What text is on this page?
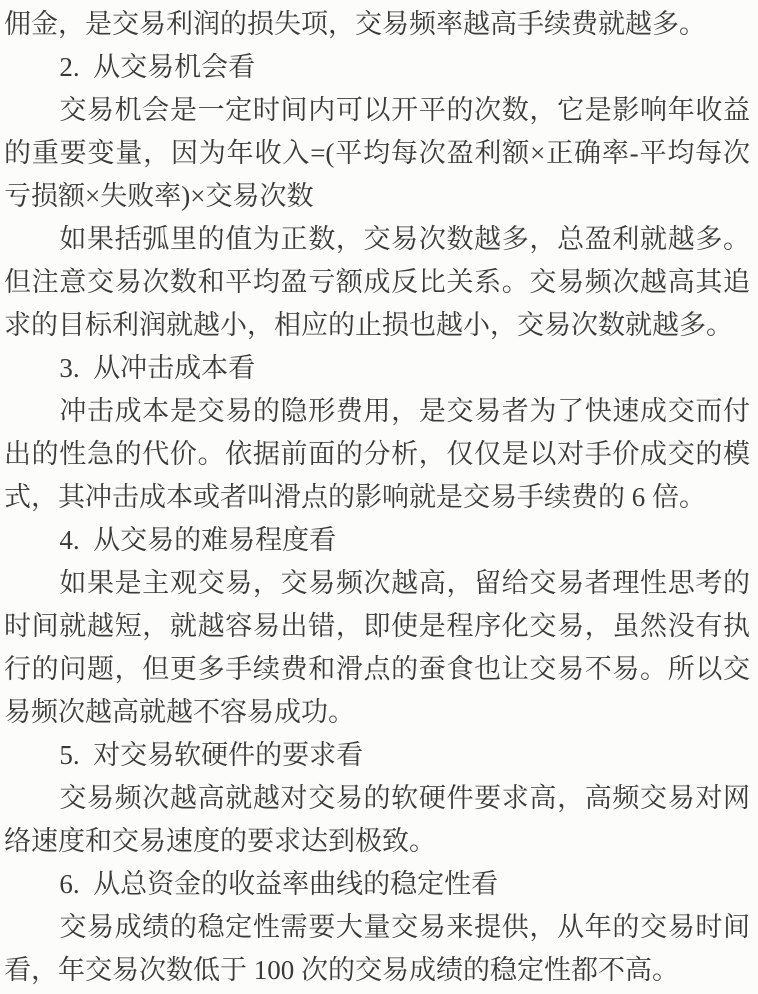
佣金，是交易利润的损失项，交易频率越高手续费就越多。
2.  从交易机会看
交易机会是一定时间内可以开平的次数，它是影响年收益
的重要变量，因为年收入=(平均每次盈利额×正确率-平均每次
亏损额×失败率)×交易次数
如果括弧里的值为正数，交易次数越多，总盈利就越多。
但注意交易次数和平均盈亏额成反比关系。交易频次越高其追
求的目标利润就越小，相应的止损也越小，交易次数就越多。
3.  从冲击成本看
冲击成本是交易的隐形费用，是交易者为了快速成交而付
出的性急的代价。依据前面的分析，仅仅是以对手价成交的模
式，其冲击成本或者叫滑点的影响就是交易手续费的 6 倍。
4.  从交易的难易程度看
如果是主观交易，交易频次越高，留给交易者理性思考的
时间就越短，就越容易出错，即使是程序化交易，虽然没有执
行的问题，但更多手续费和滑点的蚕食也让交易不易。所以交
易频次越高就越不容易成功。
5.  对交易软硬件的要求看
交易频次越高就越对交易的软硬件要求高，高频交易对网
络速度和交易速度的要求达到极致。
6.  从总资金的收益率曲线的稳定性看
交易成绩的稳定性需要大量交易来提供，从年的交易时间
看，年交易次数低于 100 次的交易成绩的稳定性都不高。
